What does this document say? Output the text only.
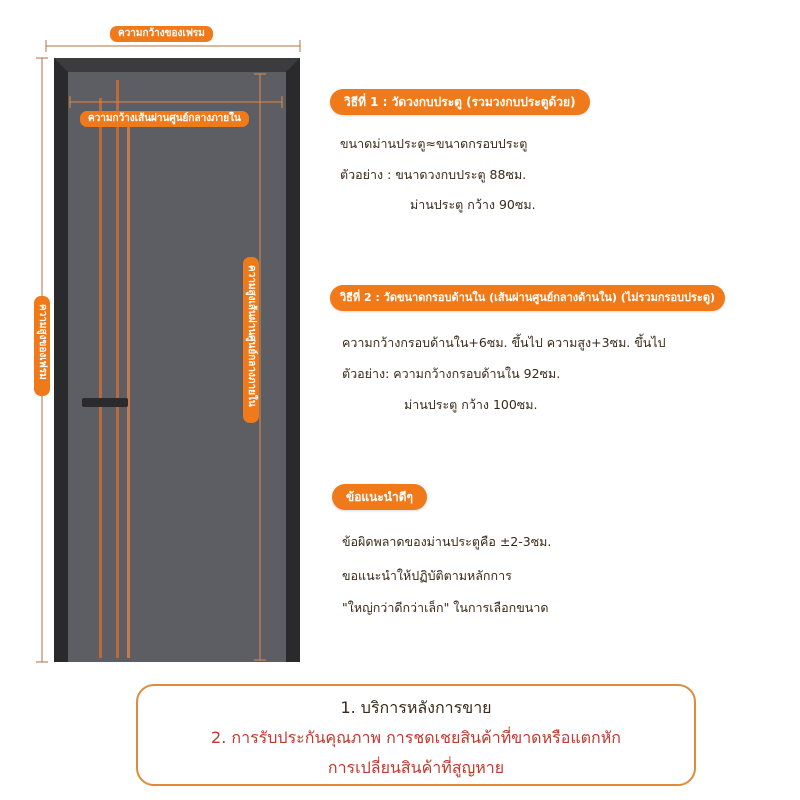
ความกว้างของเฟรม
ความกว้างเส้นผ่านศูนย์กลางภายใน
ความสูงของเฟรม	ความสูงเส้นผ่านศูนย์กลางภายใน
วิธีที่ 1 : วัดวงกบประตู (รวมวงกบประตูด้วย)
ขนาดม่านประตู≈ขนาดกรอบประตู
ตัวอย่าง : ขนาดวงกบประตู 88ซม.
ม่านประตู กว้าง 90ซม.
วิธีที่ 2 : วัดขนาดกรอบด้านใน (เส้นผ่านศูนย์กลางด้านใน) (ไม่รวมกรอบประตู)
ความกว้างกรอบด้านใน+6ซม. ขึ้นไป ความสูง+3ซม. ขึ้นไป
ตัวอย่าง: ความกว้างกรอบด้านใน 92ซม.
ม่านประตู กว้าง 100ซม.
ข้อแนะนำดีๆ
ข้อผิดพลาดของม่านประตูคือ ±2-3ซม.
ขอแนะนำให้ปฏิบัติตามหลักการ
"ใหญ่กว่าดีกว่าเล็ก" ในการเลือกขนาด
1. บริการหลังการขาย
2. การรับประกันคุณภาพ การชดเชยสินค้าที่ขาดหรือแตกหัก
การเปลี่ยนสินค้าที่สูญหาย
